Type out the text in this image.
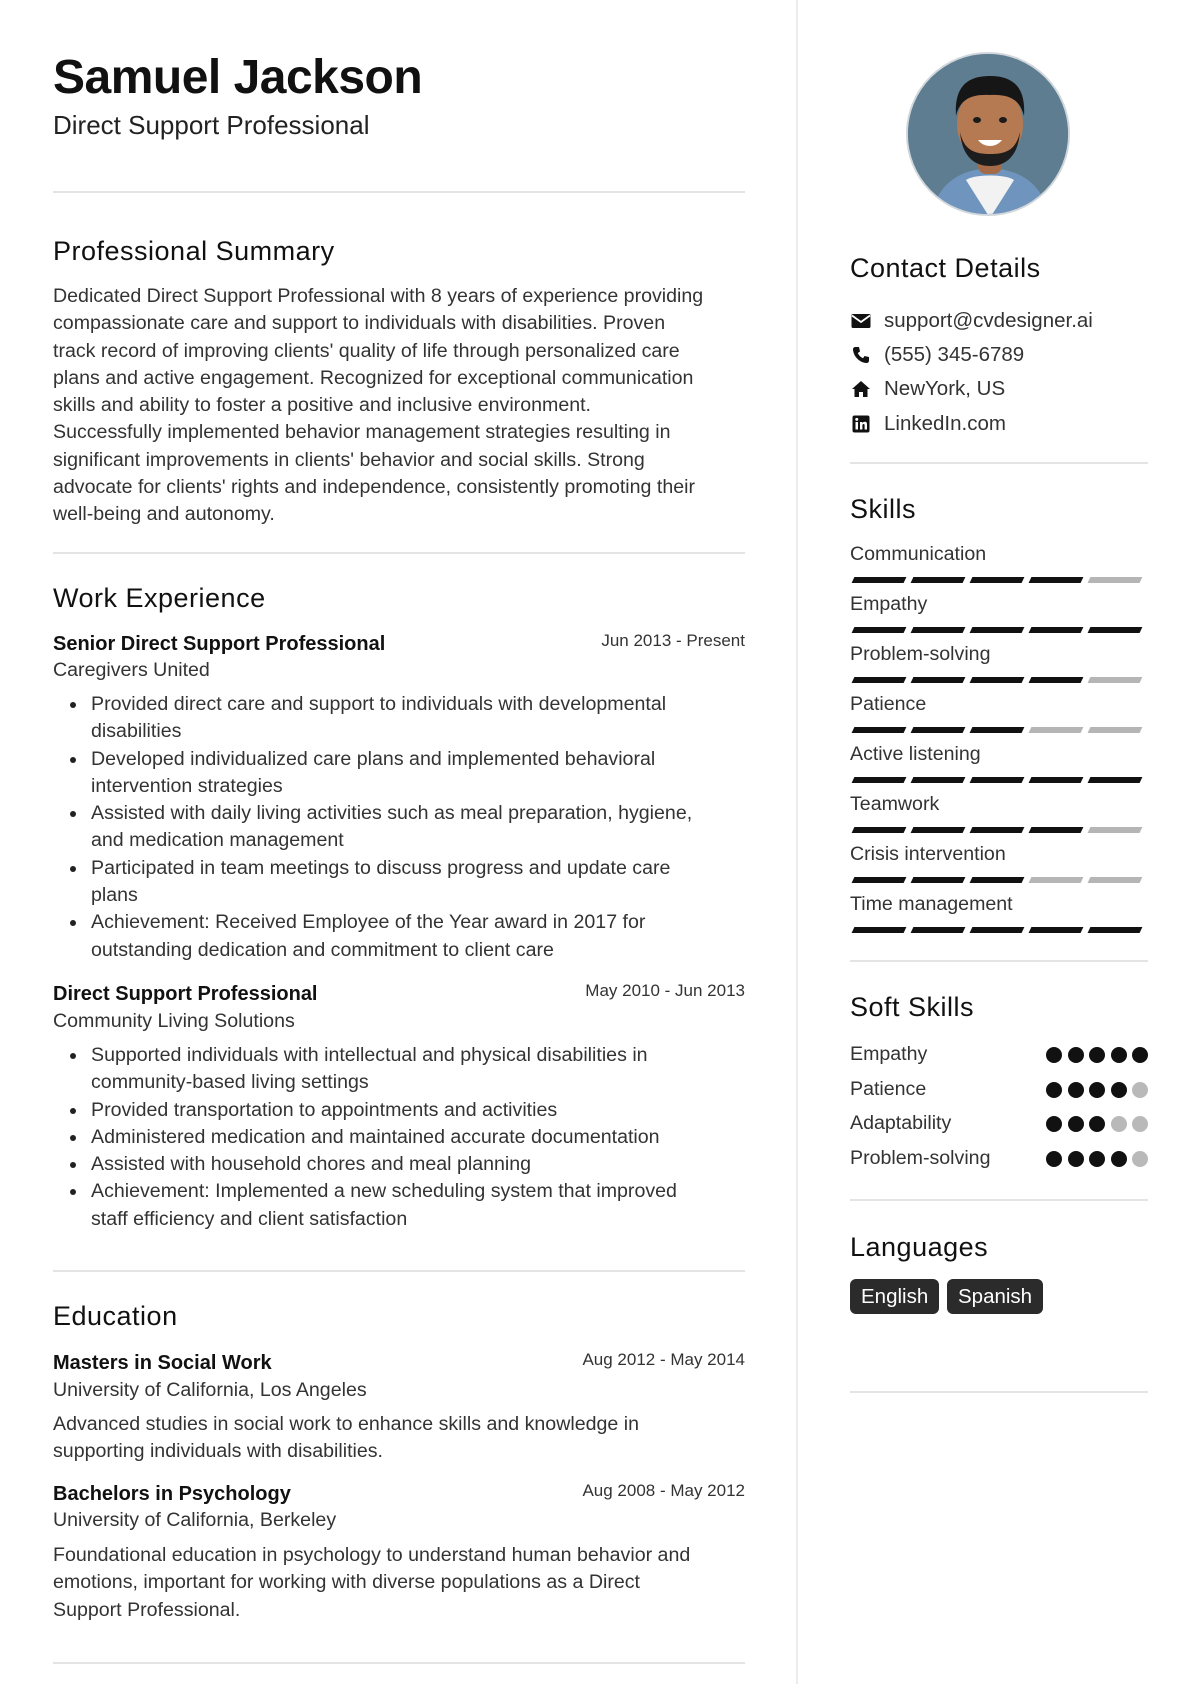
Samuel Jackson
Direct Support Professional
Professional Summary
Dedicated Direct Support Professional with 8 years of experience providing
compassionate care and support to individuals with disabilities. Proven
track record of improving clients' quality of life through personalized care
plans and active engagement. Recognized for exceptional communication
skills and ability to foster a positive and inclusive environment.
Successfully implemented behavior management strategies resulting in
significant improvements in clients' behavior and social skills. Strong
advocate for clients' rights and independence, consistently promoting their
well-being and autonomy.
Work Experience
Senior Direct Support Professional	Jun 2013 - Present
Caregivers United
Provided direct care and support to individuals with developmental
disabilities
Developed individualized care plans and implemented behavioral
intervention strategies
Assisted with daily living activities such as meal preparation, hygiene,
and medication management
Participated in team meetings to discuss progress and update care
plans
Achievement: Received Employee of the Year award in 2017 for
outstanding dedication and commitment to client care
Direct Support Professional	May 2010 - Jun 2013
Community Living Solutions
Supported individuals with intellectual and physical disabilities in
community-based living settings
Provided transportation to appointments and activities
Administered medication and maintained accurate documentation
Assisted with household chores and meal planning
Achievement: Implemented a new scheduling system that improved
staff efficiency and client satisfaction
Education
Masters in Social Work	Aug 2012 - May 2014
University of California, Los Angeles
Advanced studies in social work to enhance skills and knowledge in
supporting individuals with disabilities.
Bachelors in Psychology	Aug 2008 - May 2012
University of California, Berkeley
Foundational education in psychology to understand human behavior and
emotions, important for working with diverse populations as a Direct
Support Professional.
Contact Details
support@cvdesigner.ai
(555) 345-6789
NewYork, US
LinkedIn.com
Skills
Communication
Empathy
Problem-solving
Patience
Active listening
Teamwork
Crisis intervention
Time management
Soft Skills
Empathy
Patience
Adaptability
Problem-solving
Languages
English	Spanish
